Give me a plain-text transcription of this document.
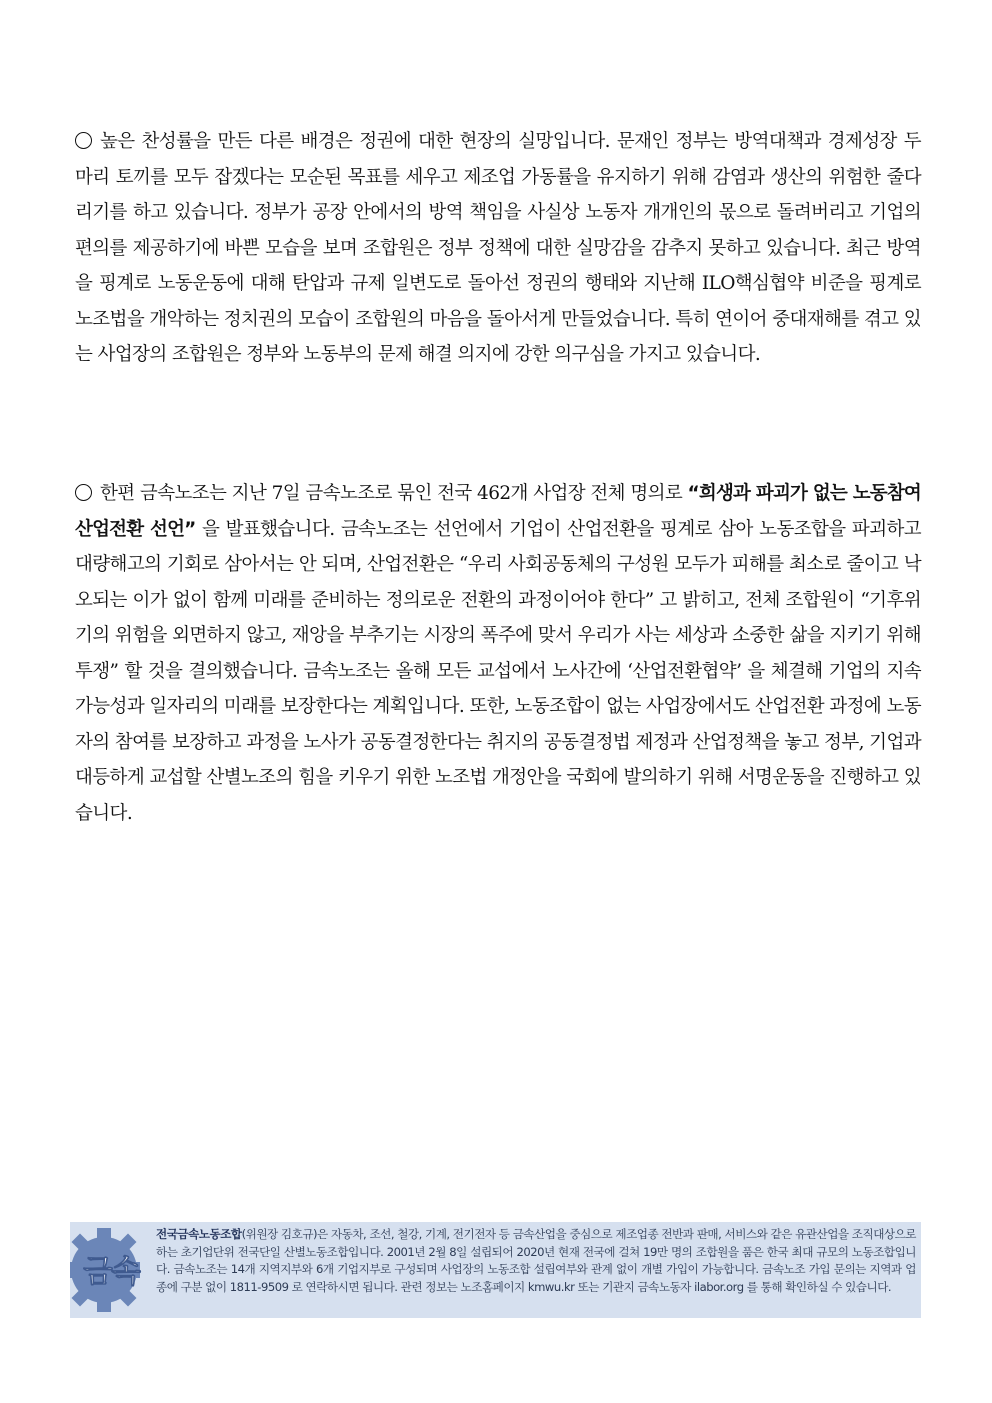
높은 찬성률을 만든 다른 배경은 정권에 대한 현장의 실망입니다. 문재인 정부는 방역대책과 경제성장 두 마리 토끼를 모두 잡겠다는 모순된 목표를 세우고 제조업 가동률을 유지하기 위해 감염과 생산의 위험한 줄다리기를 하고 있습니다. 정부가 공장 안에서의 방역 책임을 사실상 노동자 개개인의 몫으로 돌려버리고 기업의 편의를 제공하기에 바쁜 모습을 보며 조합원은 정부 정책에 대한 실망감을 감추지 못하고 있습니다. 최근 방역을 핑계로 노동운동에 대해 탄압과 규제 일변도로 돌아선 정권의 행태와 지난해 ILO핵심협약 비준을 핑계로 노조법을 개악하는 정치권의 모습이 조합원의 마음을 돌아서게 만들었습니다. 특히 연이어 중대재해를 겪고 있는 사업장의 조합원은 정부와 노동부의 문제 해결 의지에 강한 의구심을 가지고 있습니다.
한편 금속노조는 지난 7일 금속노조로 묶인 전국 462개 사업장 전체 명의로 “희생과 파괴가 없는 노동참여 산업전환 선언” 을 발표했습니다. 금속노조는 선언에서 기업이 산업전환을 핑계로 삼아 노동조합을 파괴하고 대량해고의 기회로 삼아서는 안 되며, 산업전환은 “우리 사회공동체의 구성원 모두가 피해를 최소로 줄이고 낙오되는 이가 없이 함께 미래를 준비하는 정의로운 전환의 과정이어야 한다” 고 밝히고, 전체 조합원이 “기후위기의 위험을 외면하지 않고, 재앙을 부추기는 시장의 폭주에 맞서 우리가 사는 세상과 소중한 삶을 지키기 위해 투쟁” 할 것을 결의했습니다. 금속노조는 올해 모든 교섭에서 노사간에 ‘산업전환협약’ 을 체결해 기업의 지속가능성과 일자리의 미래를 보장한다는 계획입니다. 또한, 노동조합이 없는 사업장에서도 산업전환 과정에 노동자의 참여를 보장하고 과정을 노사가 공동결정한다는 취지의 공동결정법 제정과 산업정책을 놓고 정부, 기업과 대등하게 교섭할 산별노조의 힘을 키우기 위한 노조법 개정안을 국회에 발의하기 위해 서명운동을 진행하고 있습니다.
금속
전국금속노동조합(위원장 김호규)은 자동차, 조선, 철강, 기계, 전기전자 등 금속산업을 중심으로 제조업종 전반과 판매, 서비스와 같은 유관산업을 조직대상으로 하는 초기업단위 전국단일 산별노동조합입니다. 2001년 2월 8일 설립되어 2020년 현재 전국에 걸쳐 19만 명의 조합원을 품은 한국 최대 규모의 노동조합입니다. 금속노조는 14개 지역지부와 6개 기업지부로 구성되며 사업장의 노동조합 설립여부와 관계 없이 개별 가입이 가능합니다. 금속노조 가입 문의는 지역과 업종에 구분 없이 1811-9509 로 연락하시면 됩니다. 관련 정보는 노조홈페이지 kmwu.kr 또는 기관지 금속노동자 ilabor.org 를 통해 확인하실 수 있습니다.
